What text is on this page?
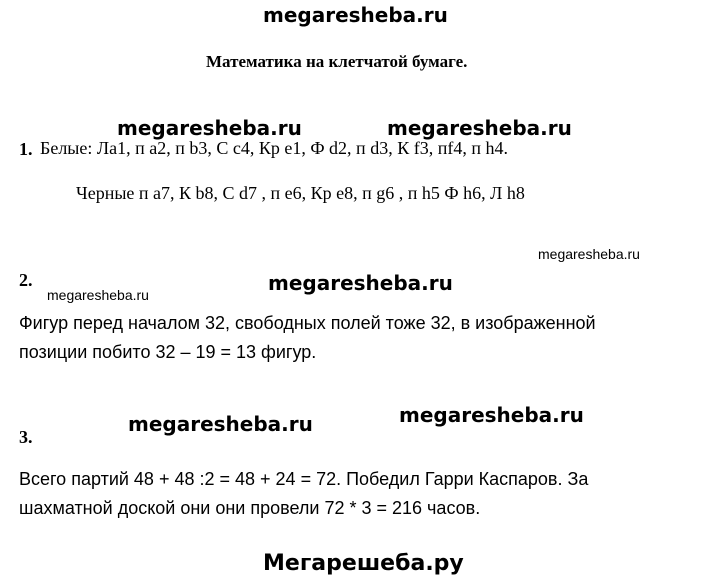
megaresheba.ru
Математика на клетчатой бумаге.
megaresheba.ru	megaresheba.ru
1. Белые: Ла1, п а2, п b3, С с4, Кр е1, Ф d2, п d3, К f3, пf4, п h4.
Черные п а7, К b8, С d7 , п е6, Кр е8, п g6 , п h5 Ф h6, Л h8
megaresheba.ru
2.	megaresheba.ru
megaresheba.ru
Фигур перед началом 32, свободных полей тоже 32, в изображенной
позиции побито 32 – 19 = 13 фигур.
megaresheba.ru	megaresheba.ru
3.
Всего партий 48 + 48 :2 = 48 + 24 = 72. Победил Гарри Каспаров. За
шахматной доской они они провели 72 * 3 = 216 часов.
Мегарешеба.ру
